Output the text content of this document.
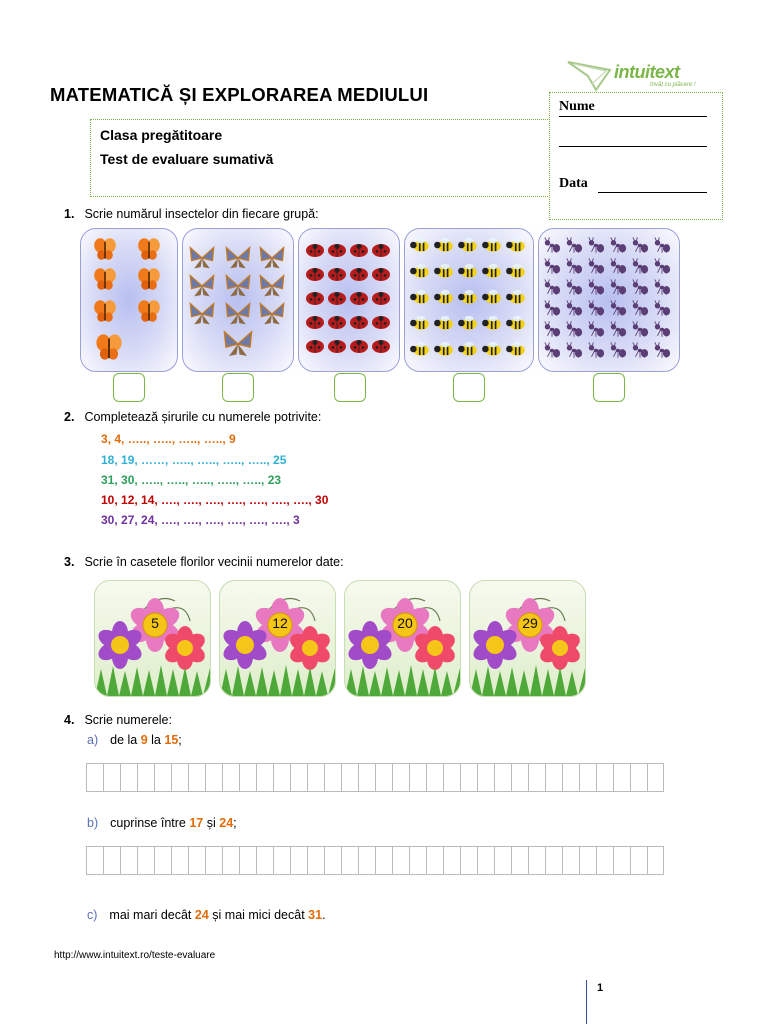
MATEMATICĂ ȘI EXPLORAREA MEDIULUI
intuitext
învăț cu plăcere !
Clasa pregătitoare
Test de evaluare sumativă
Nume
Data
1. Scrie numărul insectelor din fiecare grupă:
2. Completează șirurile cu numerele potrivite:
3, 4, ….., ….., ….., ….., 9
18, 19, ……, ….., ….., ….., ….., 25
31, 30, ….., ….., ….., ….., ….., 23
10, 12, 14, …., …., …., …., …., …., …., 30
30, 27, 24, …., …., …., …., …., …., 3
3. Scrie în casetele florilor vecinii numerelor date:
5	12	20	29
4. Scrie numerele:
a) de la 9 la 15;
b) cuprinse între 17 și 24;
c) mai mari decât 24 și mai mici decât 31.
http://www.intuitext.ro/teste-evaluare
1
